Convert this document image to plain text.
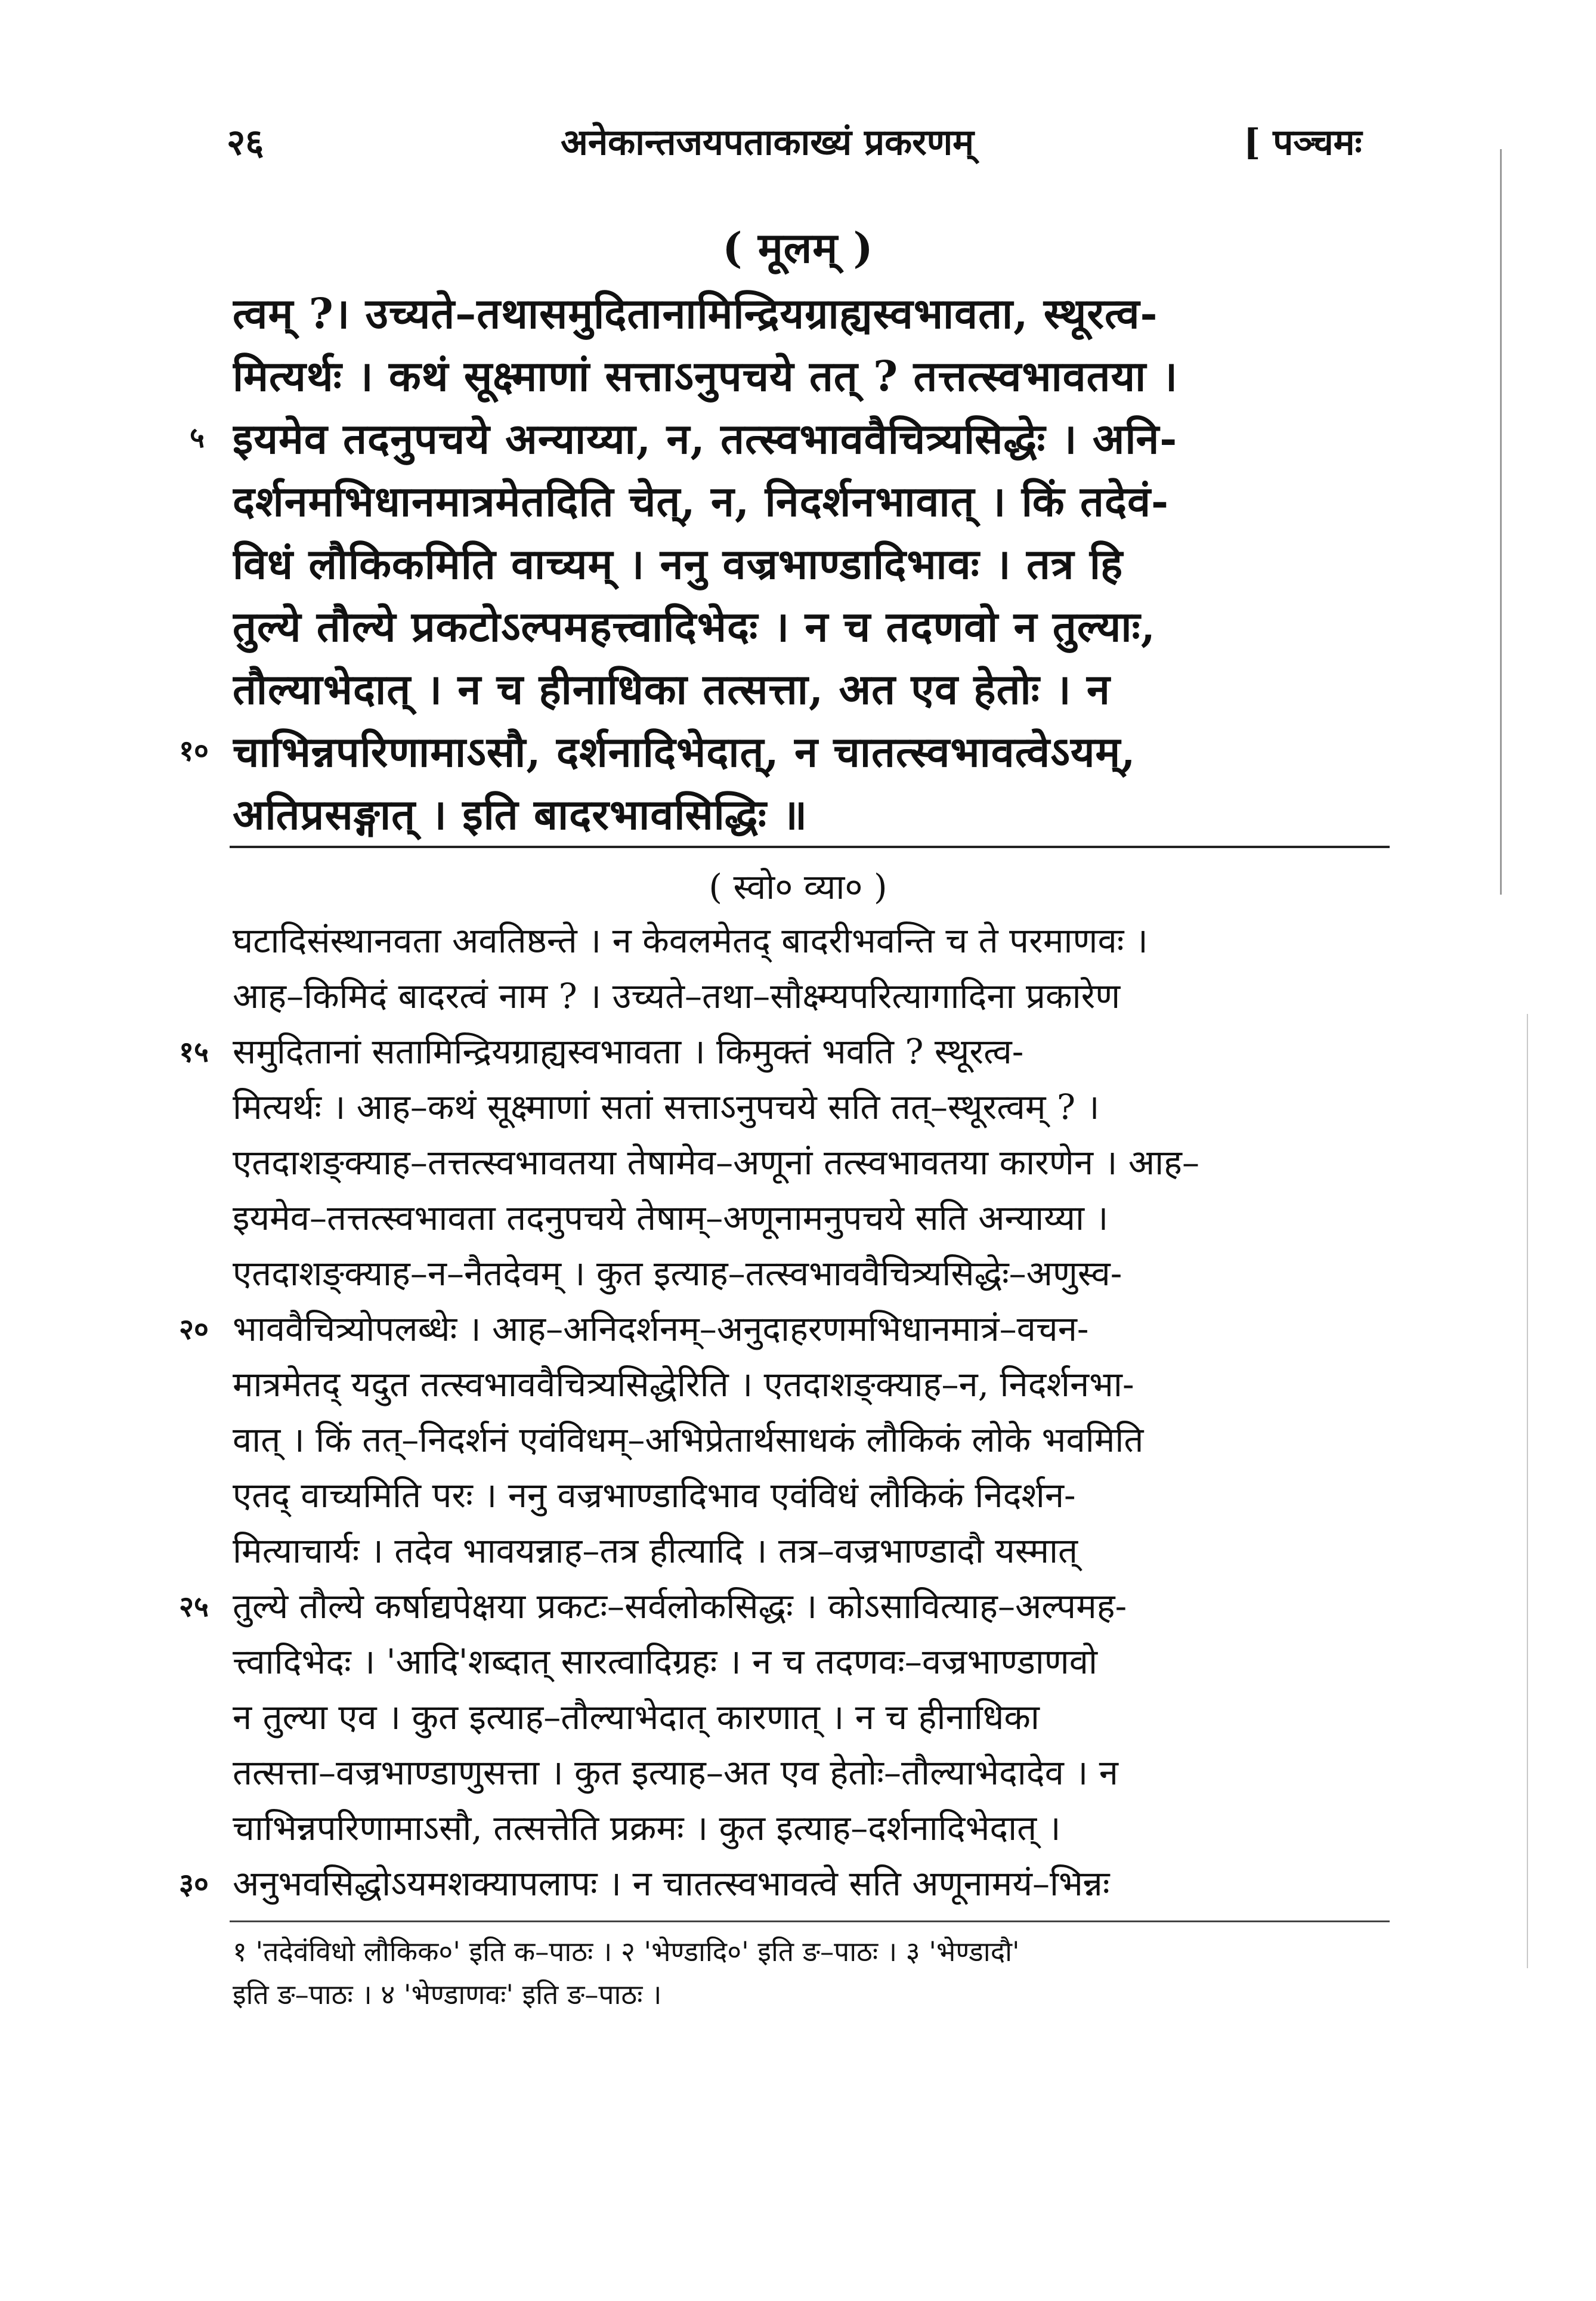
२६	अनेकान्तजयपताकाख्यं प्रकरणम्	[ पञ्चमः
( मूलम् )
त्वम् ?। उच्यते–तथासमुदितानामिन्द्रियग्राह्यस्वभावता, स्थूरत्व-
मित्यर्थः । कथं सूक्ष्माणां सत्ताऽनुपचये तत् ? तत्तत्स्वभावतया ।
इयमेव तदनुपचये अन्याय्या, न, तत्स्वभाववैचित्र्यसिद्धेः । अनि-
दर्शनमभिधानमात्रमेतदिति चेत्, न, निदर्शनभावात् । किं तदेवं-
विधं लौकिकमिति वाच्यम् । ननु वज्रभाण्डादिभावः । तत्र हि
तुल्ये तौल्ये प्रकटोऽल्पमहत्त्वादिभेदः । न च तदणवो न तुल्याः,
तौल्याभेदात् । न च हीनाधिका तत्सत्ता, अत एव हेतोः । न
चाभिन्नपरिणामाऽसौ, दर्शनादिभेदात्, न चातत्स्वभावत्वेऽयम्,
अतिप्रसङ्गात् । इति बादरभावसिद्धिः ॥
५
१०
( स्वो० व्या० )
घटादिसंस्थानवता अवतिष्ठन्ते । न केवलमेतद् बादरीभवन्ति च ते परमाणवः ।
आह–किमिदं बादरत्वं नाम ? । उच्यते–तथा–सौक्ष्म्यपरित्यागादिना प्रकारेण
समुदितानां सतामिन्द्रियग्राह्यस्वभावता । किमुक्तं भवति ? स्थूरत्व-
मित्यर्थः । आह–कथं सूक्ष्माणां सतां सत्ताऽनुपचये सति तत्–स्थूरत्वम् ? ।
एतदाशङ्क्याह–तत्तत्स्वभावतया तेषामेव–अणूनां तत्स्वभावतया कारणेन । आह–
इयमेव–तत्तत्स्वभावता तदनुपचये तेषाम्–अणूनामनुपचये सति अन्याय्या ।
एतदाशङ्क्याह–न–नैतदेवम् । कुत इत्याह–तत्स्वभाववैचित्र्यसिद्धेः–अणुस्व-
भाववैचित्र्योपलब्धेः । आह–अनिदर्शनम्–अनुदाहरणमभिधानमात्रं–वचन-
मात्रमेतद् यदुत तत्स्वभाववैचित्र्यसिद्धेरिति । एतदाशङ्क्याह–न, निदर्शनभा-
वात् । किं तत्–निदर्शनं एवंविधम्–अभिप्रेतार्थसाधकं लौकिकं लोके भवमिति
एतद् वाच्यमिति परः । ननु वज्रभाण्डादिभाव एवंविधं लौकिकं निदर्शन-
मित्याचार्यः । तदेव भावयन्नाह–तत्र हीत्यादि । तत्र–वज्रभाण्डादौ यस्मात्
तुल्ये तौल्ये कर्षाद्यपेक्षया प्रकटः–सर्वलोकसिद्धः । कोऽसावित्याह–अल्पमह-
त्त्वादिभेदः । 'आदि'शब्दात् सारत्वादिग्रहः । न च तदणवः–वज्रभाण्डाणवो
न तुल्या एव । कुत इत्याह–तौल्याभेदात् कारणात् । न च हीनाधिका
तत्सत्ता–वज्रभाण्डाणुसत्ता । कुत इत्याह–अत एव हेतोः–तौल्याभेदादेव । न
चाभिन्नपरिणामाऽसौ, तत्सत्तेति प्रक्रमः । कुत इत्याह–दर्शनादिभेदात् ।
अनुभवसिद्धोऽयमशक्यापलापः । न चातत्स्वभावत्वे सति अणूनामयं–भिन्नः
१५
२०
२५
३०
१ 'तदेवंविधो लौकिक०' इति क–पाठः । २ 'भेण्डादि०' इति ङ–पाठः । ३ 'भेण्डादौ'
इति ङ–पाठः । ४ 'भेण्डाणवः' इति ङ–पाठः ।
